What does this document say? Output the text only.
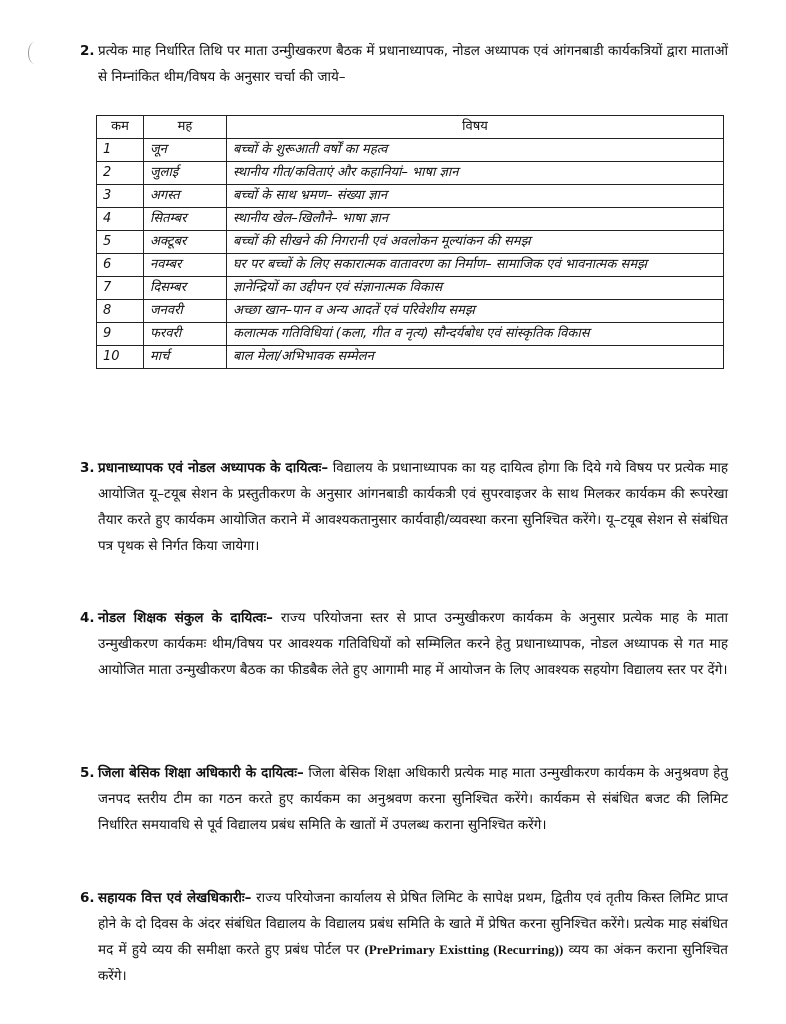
2. प्रत्येक माह निर्धारित तिथि पर माता उन्मुीखकरण बैठक में प्रधानाध्यापक, नोडल अध्यापक एवं आंगनबाडी कार्यकत्रियों द्वारा माताओं से निम्नांकित थीम/विषय के अनुसार चर्चा की जाये–
कम	मह	विषय
1	जून	बच्चों के शुरूआती वर्षों का महत्व
2	जुलाई	स्थानीय गीत/कविताएं और कहानियां– भाषा ज्ञान
3	अगस्त	बच्चों के साथ भ्रमण– संख्या ज्ञान
4	सितम्बर	स्थानीय खेल–खिलौने– भाषा ज्ञान
5	अक्टूबर	बच्चों की सीखने की निगरानी एवं अवलोकन मूल्यांकन की समझ
6	नवम्बर	घर पर बच्चों के लिए सकारात्मक वातावरण का निर्माण– सामाजिक एवं भावनात्मक समझ
7	दिसम्बर	ज्ञानेन्द्रियों का उद्दीपन एवं संज्ञानात्मक विकास
8	जनवरी	अच्छा खान–पान व अन्य आदतें एवं परिवेशीय समझ
9	फरवरी	कलात्मक गतिविधियां (कला, गीत व नृत्य) सौन्दर्यबोध एवं सांस्कृतिक विकास
10	मार्च	बाल मेला/अभिभावक सम्मेलन
3. प्रधानाध्यापक एवं नोडल अध्यापक के दायित्वः– विद्यालय के प्रधानाध्यापक का यह दायित्व होगा कि दिये गये विषय पर प्रत्येक माह आयोजित यू–टयूब सेशन के प्रस्तुतीकरण के अनुसार आंगनबाडी कार्यकत्री एवं सुपरवाइजर के साथ मिलकर कार्यकम की रूपरेखा तैयार करते हुए कार्यकम आयोजित कराने में आवश्यकतानुसार कार्यवाही/व्यवस्था करना सुनिश्चित करेंगे। यू–टयूब सेशन से संबंधित पत्र पृथक से निर्गत किया जायेगा।
4. नोडल शिक्षक संकुल के दायित्वः– राज्य परियोजना स्तर से प्राप्त उन्मुखीकरण कार्यकम के अनुसार प्रत्येक माह के माता उन्मुखीकरण कार्यकमः थीम/विषय पर आवश्यक गतिविधियों को सम्मिलित करने हेतु प्रधानाध्यापक, नोडल अध्यापक से गत माह आयोजित माता उन्मुखीकरण बैठक का फीडबैक लेते हुए आगामी माह में आयोजन के लिए आवश्यक सहयोग विद्यालय स्तर पर देंगे।
5. जिला बेसिक शिक्षा अधिकारी के दायित्वः– जिला बेसिक शिक्षा अधिकारी प्रत्येक माह माता उन्मुखीकरण कार्यकम के अनुश्रवण हेतु जनपद स्तरीय टीम का गठन करते हुए कार्यकम का अनुश्रवण करना सुनिश्चित करेंगे। कार्यकम से संबंधित बजट की लिमिट निर्धारित समयावधि से पूर्व विद्यालय प्रबंध समिति के खातों में उपलब्ध कराना सुनिश्चित करेंगे।
6. सहायक वित्त एवं लेखधिकारीः– राज्य परियोजना कार्यालय से प्रेषित लिमिट के सापेक्ष प्रथम, द्वितीय एवं तृतीय किस्त लिमिट प्राप्त होने के दो दिवस के अंदर संबंधित विद्यालय के विद्यालय प्रबंध समिति के खाते में प्रेषित करना सुनिश्चित करेंगे। प्रत्येक माह संबंधित मद में हुये व्यय की समीक्षा करते हुए प्रबंध पोर्टल पर (PrePrimary Existting (Recurring)) व्यय का अंकन कराना सुनिश्चित करेंगे।
